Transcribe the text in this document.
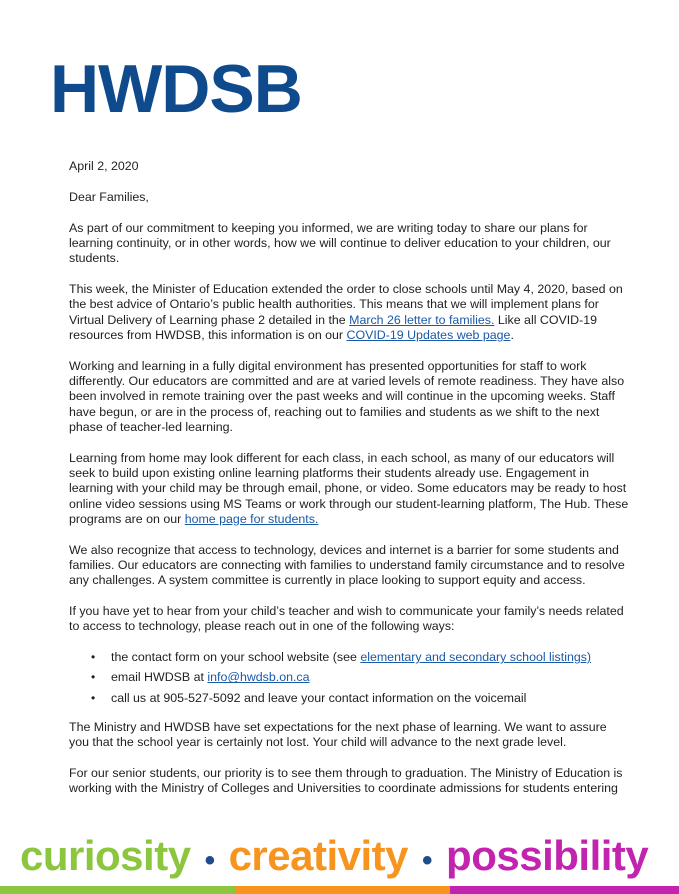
HWDSB

April 2, 2020

Dear Families,

As part of our commitment to keeping you informed, we are writing today to share our plans for learning continuity, or in other words, how we will continue to deliver education to your children, our students.

This week, the Minister of Education extended the order to close schools until May 4, 2020, based on the best advice of Ontario’s public health authorities. This means that we will implement plans for Virtual Delivery of Learning phase 2 detailed in the March 26 letter to families. Like all COVID-19 resources from HWDSB, this information is on our COVID-19 Updates web page.

Working and learning in a fully digital environment has presented opportunities for staff to work differently. Our educators are committed and are at varied levels of remote readiness. They have also been involved in remote training over the past weeks and will continue in the upcoming weeks. Staff have begun, or are in the process of, reaching out to families and students as we shift to the next phase of teacher-led learning.

Learning from home may look different for each class, in each school, as many of our educators will seek to build upon existing online learning platforms their students already use. Engagement in learning with your child may be through email, phone, or video. Some educators may be ready to host online video sessions using MS Teams or work through our student-learning platform, The Hub. These programs are on our home page for students.

We also recognize that access to technology, devices and internet is a barrier for some students and families. Our educators are connecting with families to understand family circumstance and to resolve any challenges. A system committee is currently in place looking to support equity and access.

If you have yet to hear from your child’s teacher and wish to communicate your family’s needs related to access to technology, please reach out in one of the following ways:

• the contact form on your school website (see elementary and secondary school listings)
• email HWDSB at info@hwdsb.on.ca
• call us at 905-527-5092 and leave your contact information on the voicemail

The Ministry and HWDSB have set expectations for the next phase of learning. We want to assure you that the school year is certainly not lost. Your child will advance to the next grade level.

For our senior students, our priority is to see them through to graduation. The Ministry of Education is working with the Ministry of Colleges and Universities to coordinate admissions for students entering

curiosity • creativity • possibility
